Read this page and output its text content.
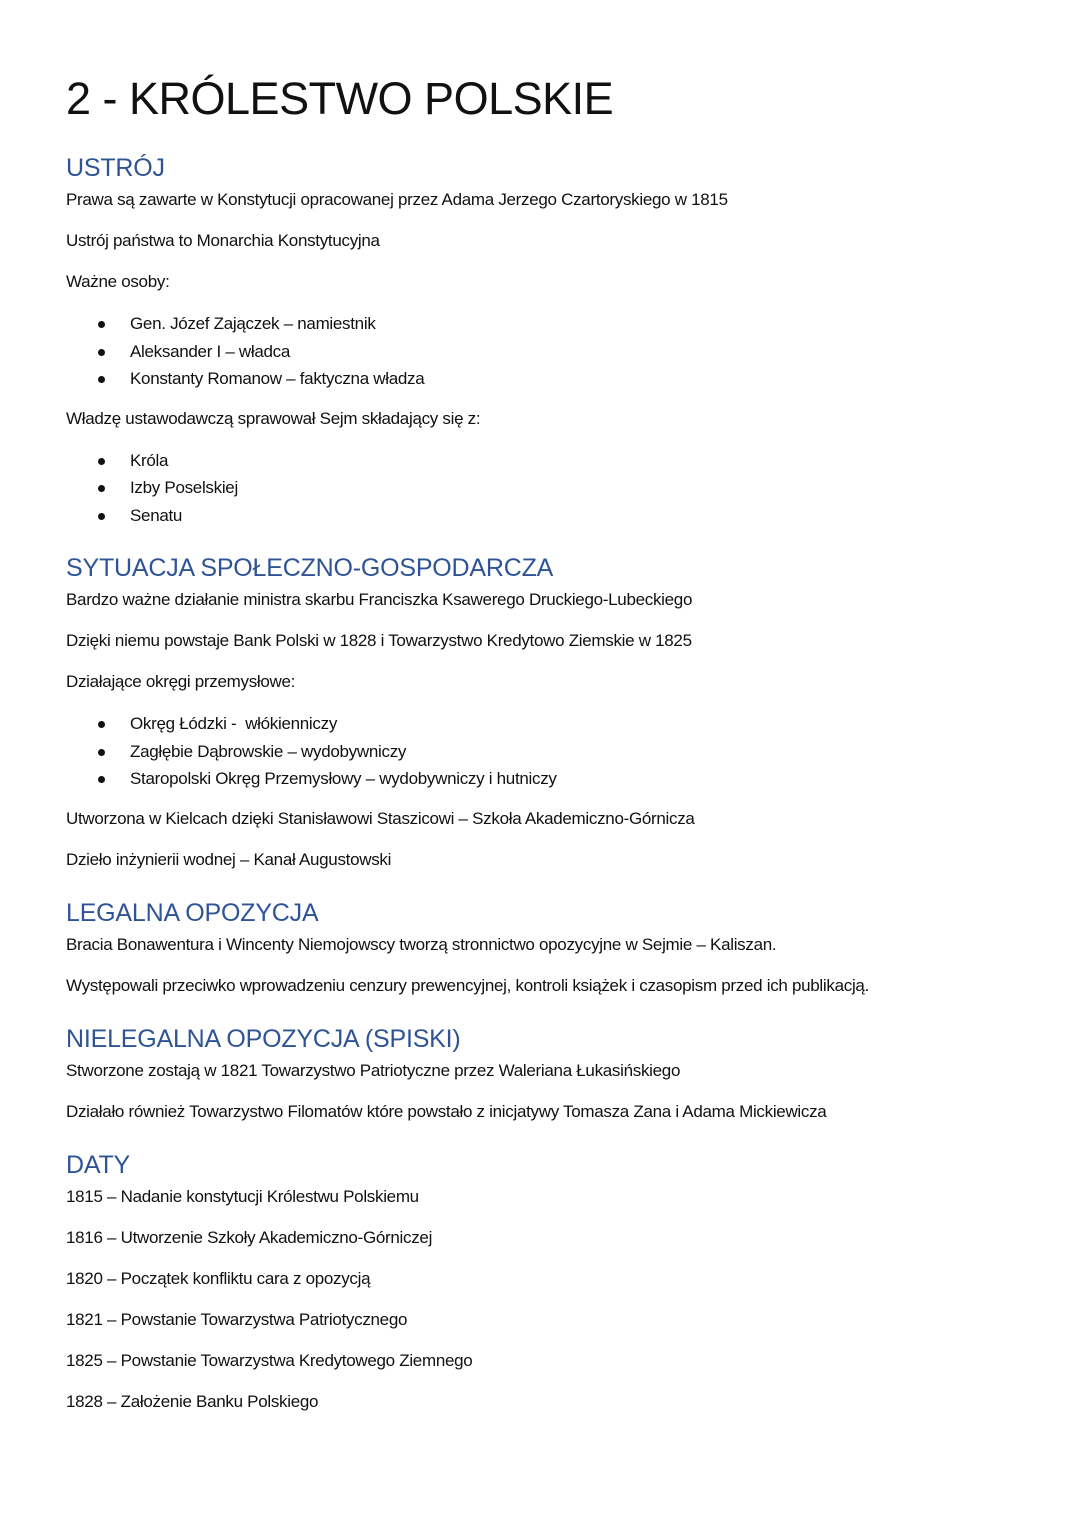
2 - KRÓLESTWO POLSKIE
USTRÓJ

Prawa są zawarte w Konstytucji opracowanej przez Adama Jerzego Czartoryskiego w 1815

Ustrój państwa to Monarchia Konstytucyjna

Ważne osoby:

Gen. Józef Zajączek – namiestnik
Aleksander I – władca
Konstanty Romanow – faktyczna władza

Władzę ustawodawczą sprawował Sejm składający się z:

Króla
Izby Poselskiej
Senatu
SYTUACJA SPOŁECZNO-GOSPODARCZA

Bardzo ważne działanie ministra skarbu Franciszka Ksawerego Druckiego-Lubeckiego

Dzięki niemu powstaje Bank Polski w 1828 i Towarzystwo Kredytowo Ziemskie w 1825

Działające okręgi przemysłowe:

Okręg Łódzki -  włókienniczy
Zagłębie Dąbrowskie – wydobywniczy
Staropolski Okręg Przemysłowy – wydobywniczy i hutniczy

Utworzona w Kielcach dzięki Stanisławowi Staszicowi – Szkoła Akademiczno-Górnicza

Dzieło inżynierii wodnej – Kanał Augustowski

LEGALNA OPOZYCJA

Bracia Bonawentura i Wincenty Niemojowscy tworzą stronnictwo opozycyjne w Sejmie – Kaliszan.

Występowali przeciwko wprowadzeniu cenzury prewencyjnej, kontroli książek i czasopism przed ich publikacją.

NIELEGALNA OPOZYCJA (SPISKI)

Stworzone zostają w 1821 Towarzystwo Patriotyczne przez Waleriana Łukasińskiego

Działało również Towarzystwo Filomatów które powstało z inicjatywy Tomasza Zana i Adama Mickiewicza

DATY

1815 – Nadanie konstytucji Królestwu Polskiemu

1816 – Utworzenie Szkoły Akademiczno-Górniczej

1820 – Początek konfliktu cara z opozycją

1821 – Powstanie Towarzystwa Patriotycznego

1825 – Powstanie Towarzystwa Kredytowego Ziemnego

1828 – Założenie Banku Polskiego
